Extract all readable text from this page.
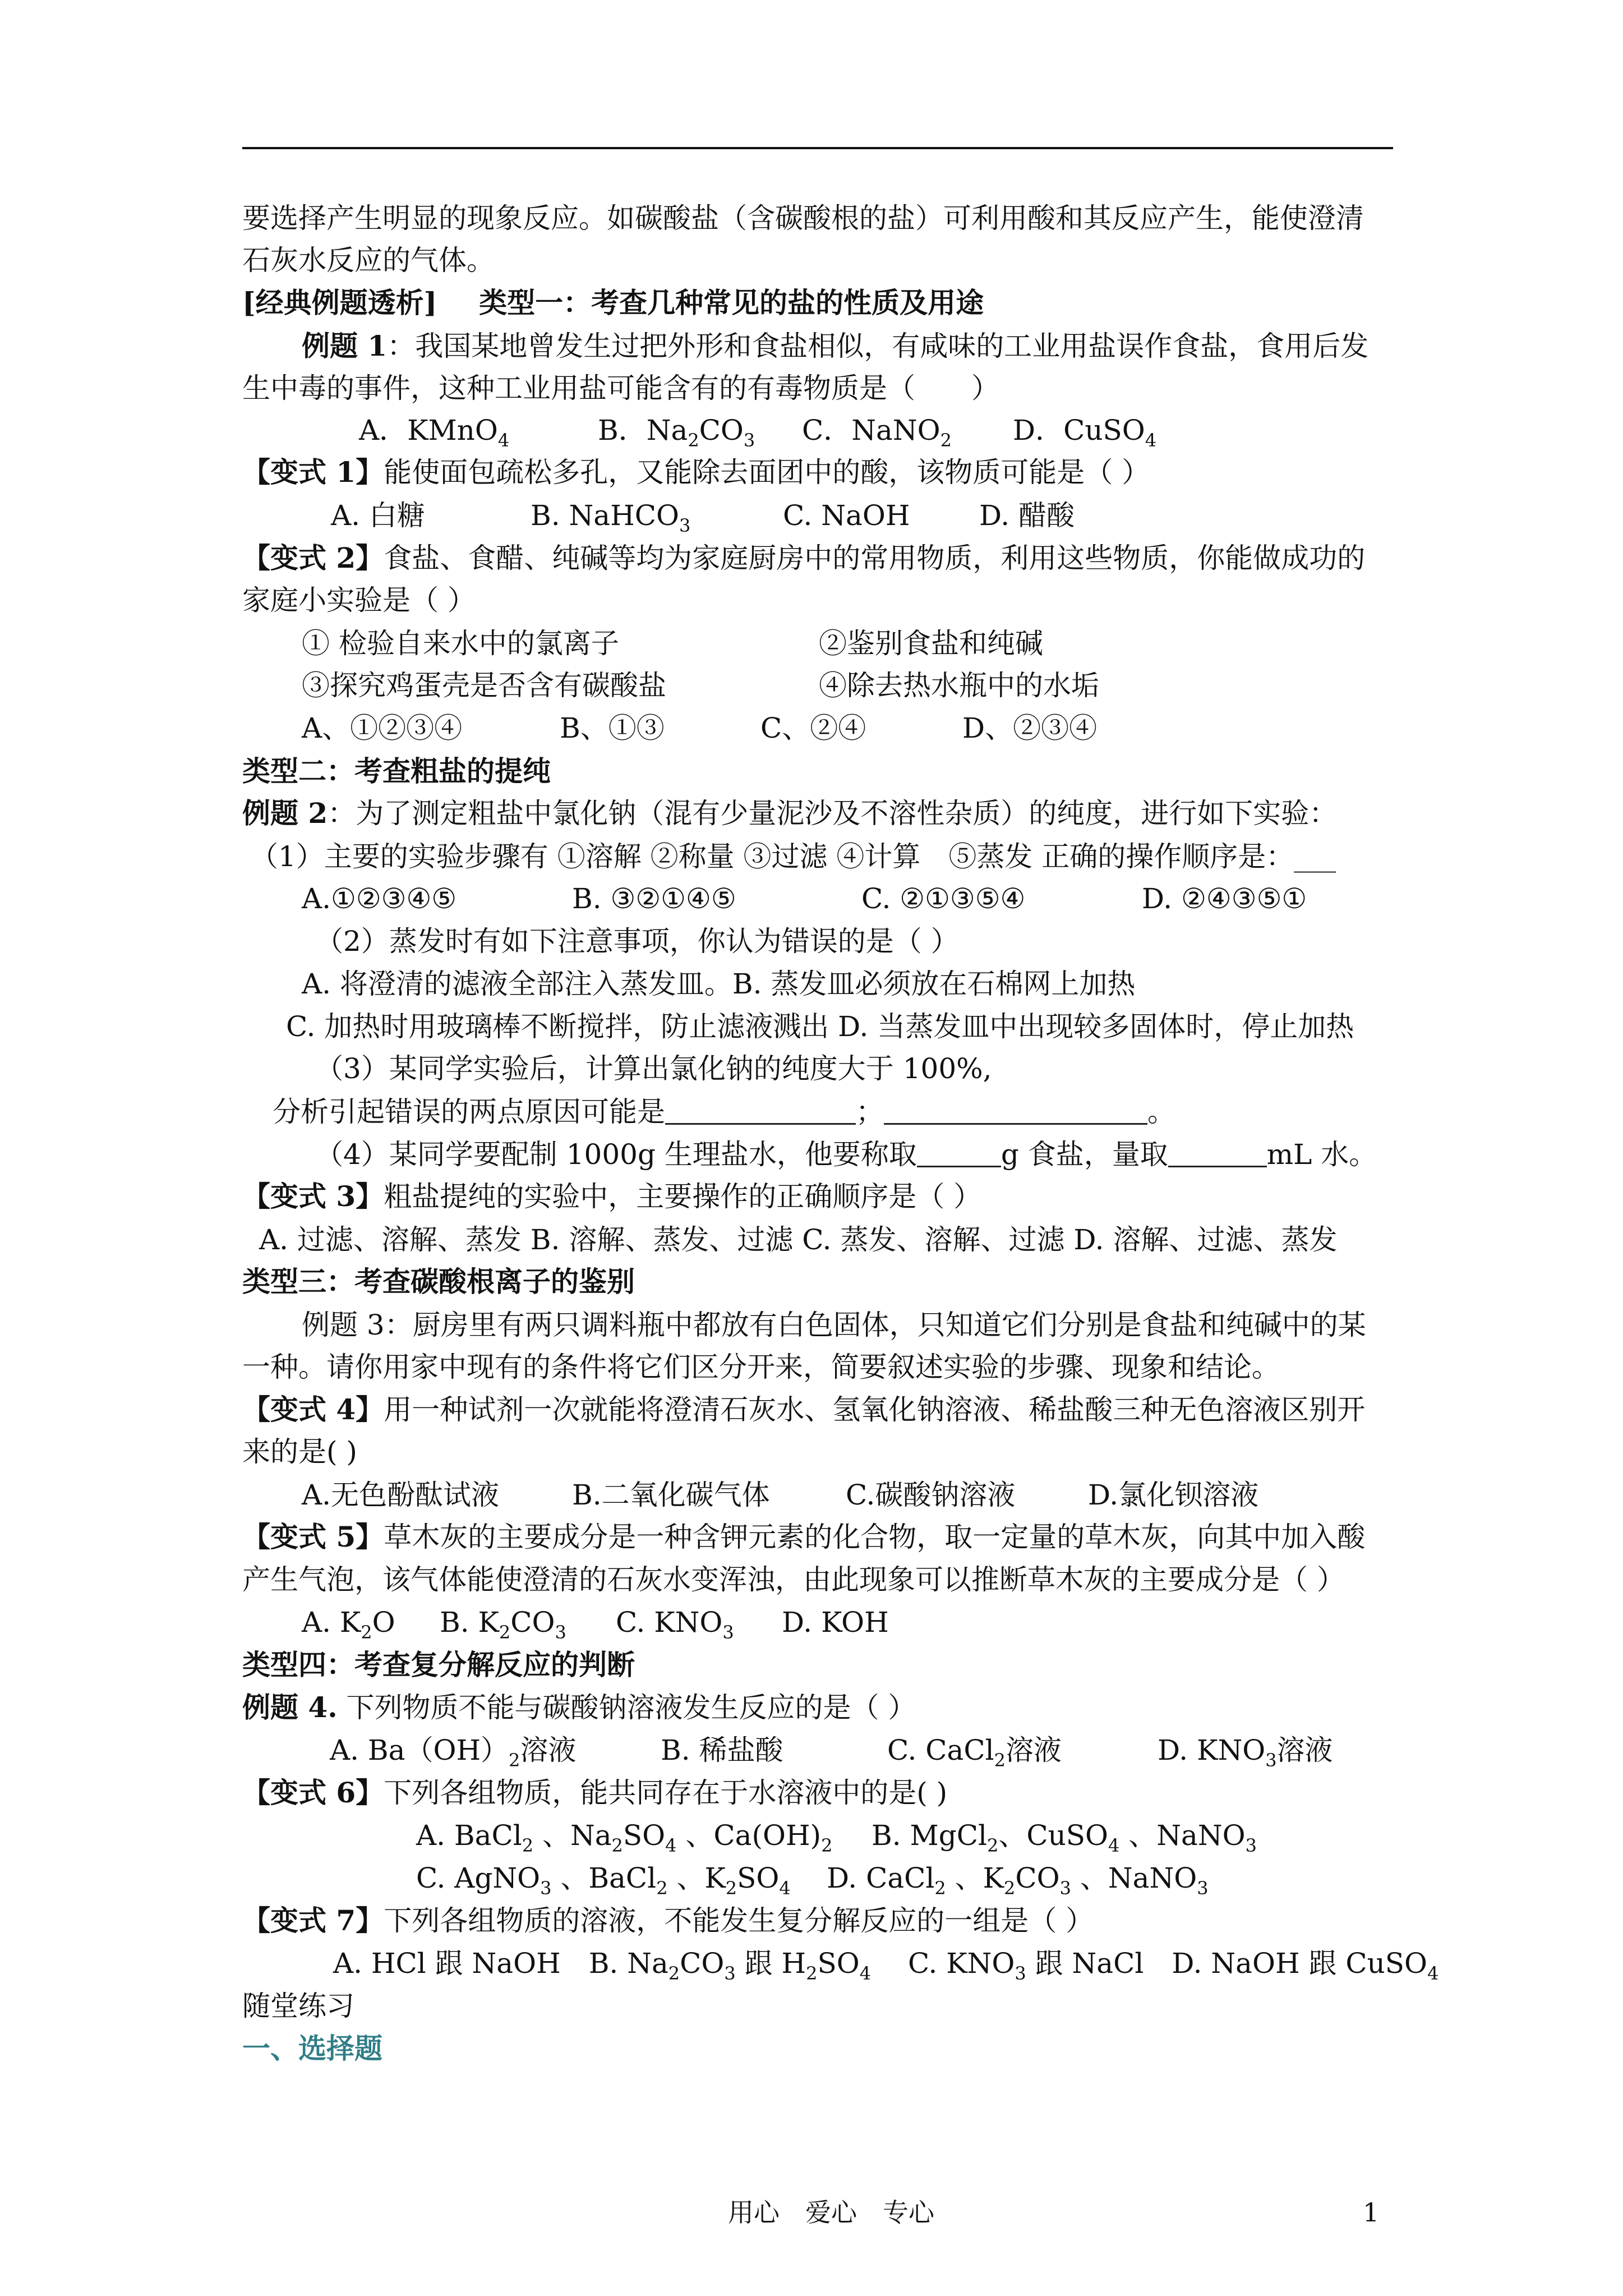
要选择产生明显的现象反应。如碳酸盐（含碳酸根的盐）可利用酸和其反应产生，能使澄清
石灰水反应的气体。
[经典例题透析] 类型一：考查几种常见的盐的性质及用途
例题 1：我国某地曾发生过把外形和食盐相似，有咸味的工业用盐误作食盐，食用后发
生中毒的事件，这种工业用盐可能含有的有毒物质是（　　）
A．KMnO$_4$	B．$Na_2CO_3$ C．NaNO$_2$ D．CuSO$_4$
【变式 1】能使面包疏松多孔，又能除去面团中的酸，该物质可能是（ ）
A. 白糖	B. NaHCO$_3$	C. NaOH D. 醋酸
【变式 2】食盐、食醋、纯碱等均为家庭厨房中的常用物质，利用这些物质，你能做成功的
家庭小实验是（ ）
① 检验自来水中的氯离子	②鉴别食盐和纯碱
③探究鸡蛋壳是否含有碳酸盐	④除去热水瓶中的水垢
A、①②③④	B、①③	C、②④	D、②③④
类型二：考查粗盐的提纯
例题 2：为了测定粗盐中氯化钠（混有少量泥沙及不溶性杂质）的纯度，进行如下实验：
（1）主要的实验步骤有 ①溶解 ②称量 ③过滤 ④计算　⑤蒸发 正确的操作顺序是：___
A.①②③④⑤	B. ③②①④⑤	C. ②①③⑤④	D. ②④③⑤①
（2）蒸发时有如下注意事项，你认为错误的是（ ）
A. 将澄清的滤液全部注入蒸发皿。B. 蒸发皿必须放在石棉网上加热
C. 加热时用玻璃棒不断搅拌，防止滤液溅出 D. 当蒸发皿中出现较多固体时，停止加热
（3）某同学实验后，计算出氯化钠的纯度大于 100%,
分析引起错误的两点原因可能是	；	。
（4）某同学要配制 1000g 生理盐水，他要称取	g 食盐，量取	mL 水。
【变式 3】粗盐提纯的实验中，主要操作的正确顺序是（ ）
A. 过滤、溶解、蒸发 B. 溶解、蒸发、过滤 C. 蒸发、溶解、过滤 D. 溶解、过滤、蒸发
类型三：考查碳酸根离子的鉴别
例题 3：厨房里有两只调料瓶中都放有白色固体，只知道它们分别是食盐和纯碱中的某
一种。请你用家中现有的条件将它们区分开来，简要叙述实验的步骤、现象和结论。
【变式 4】用一种试剂一次就能将澄清石灰水、氢氧化钠溶液、稀盐酸三种无色溶液区别开
来的是( )
A.无色酚酞试液	B.二氧化碳气体	C.碳酸钠溶液	D.氯化钡溶液
【变式 5】草木灰的主要成分是一种含钾元素的化合物，取一定量的草木灰，向其中加入酸
产生气泡，该气体能使澄清的石灰水变浑浊，由此现象可以推断草木灰的主要成分是（ ）
A. $K_2O$ B. $K_2CO_3$ C. $KNO_3$ D. KOH
类型四：考查复分解反应的判断
例题 4. 下列物质不能与碳酸钠溶液发生反应的是（ ）
A. $Ba(OH)_2$溶液	B. 稀盐酸	C. CaCl$_2$溶液	D. $KNO_3$溶液
【变式 6】下列各组物质，能共同存在于水溶液中的是( )
A. BaCl$_2$ 、$Na_2SO_4$ 、$Ca(OH)_2$ B. MgCl$_2$、CuSO$_4$ 、NaNO$_3$
C. AgNO$_3$ 、BaCl$_2$ 、$K_2SO_4$ D. CaCl$_2$ 、$K_2CO_3$ 、NaNO$_3$
【变式 7】下列各组物质的溶液，不能发生复分解反应的一组是（ ）
A. HCl 跟 NaOH　B. $Na_2CO_3$ 跟 $H_2SO_4$　 C. $KNO_3$ 跟 NaCl　D. NaOH 跟 CuSO$_4$
随堂练习
一、选择题
用心　爱心　专心	1
